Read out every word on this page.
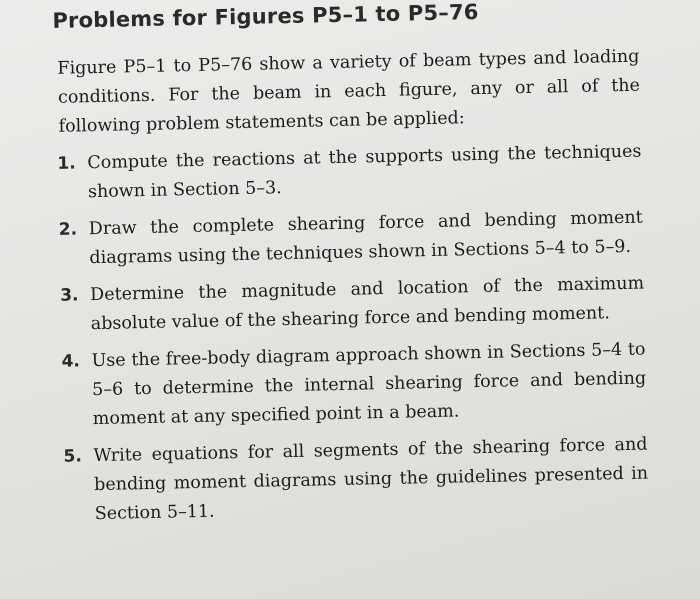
Problems for Figures P5–1 to P5–76

Figure P5–1 to P5–76 show a variety of beam types and loading conditions. For the beam in each figure, any or all of the following problem statements can be applied:

1. Compute the reactions at the supports using the techniques shown in Section 5–3.
2. Draw the complete shearing force and bending moment diagrams using the techniques shown in Sections 5–4 to 5–9.
3. Determine the magnitude and location of the maximum absolute value of the shearing force and bending moment.
4. Use the free-body diagram approach shown in Sections 5–4 to 5–6 to determine the internal shearing force and bending moment at any specified point in a beam.
5. Write equations for all segments of the shearing force and bending moment diagrams using the guidelines presented in Section 5–11.
